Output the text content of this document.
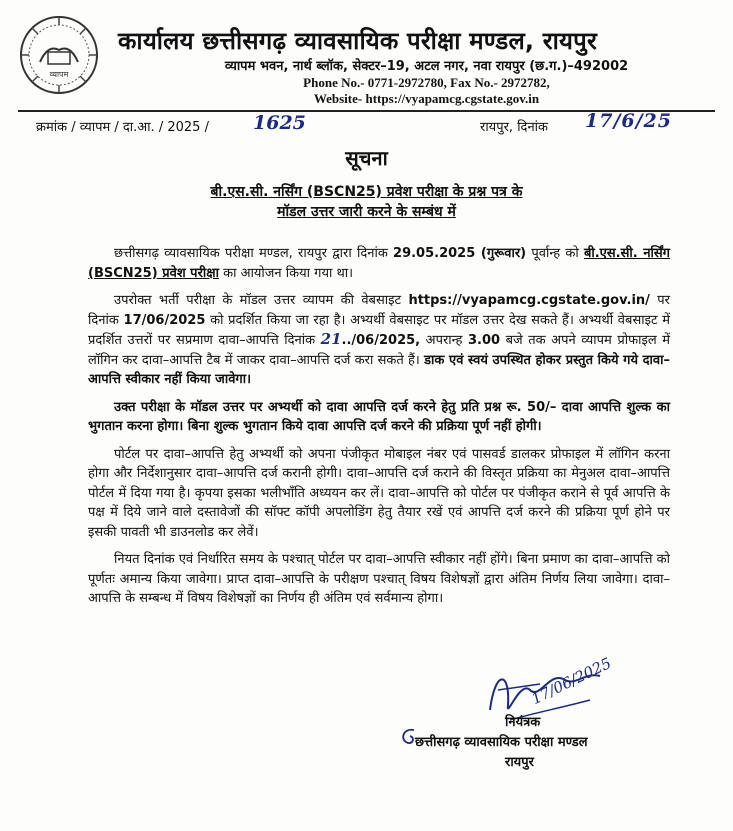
व्यापम
कार्यालय छत्तीसगढ़ व्यावसायिक परीक्षा मण्डल, रायपुर
व्यापम भवन, नार्थ ब्लॉक, सेक्टर–19, अटल नगर, नवा रायपुर (छ.ग.)–492002
Phone No.- 0771-2972780, Fax No.- 2972782,
Website- https://vyapamcg.cgstate.gov.in
क्रमांक / व्यापम / दा.आ. / 2025 / 1625	रायपुर, दिनांक 17/6/25
सूचना
बी.एस.सी. नर्सिंग (BSCN25) प्रवेश परीक्षा के प्रश्न पत्र के
मॉडल उत्तर जारी करने के सम्बंध में

छत्तीसगढ़ व्यावसायिक परीक्षा मण्डल, रायपुर द्वारा दिनांक 29.05.2025 (गुरूवार) पूर्वान्ह को बी.एस.सी. नर्सिंग (BSCN25) प्रवेश परीक्षा का आयोजन किया गया था।

उपरोक्त भर्ती परीक्षा के मॉडल उत्तर व्यापम की वेबसाइट https://vyapamcg.cgstate.gov.in/ पर दिनांक 17/06/2025 को प्रदर्शित किया जा रहा है। अभ्यर्थी वेबसाइट पर मॉडल उत्तर देख सकते हैं। अभ्यर्थी वेबसाइट में प्रदर्शित उत्तरों पर सप्रमाण दावा–आपत्ति दिनांक 21../06/2025, अपरान्ह 3.00 बजे तक अपने व्यापम प्रोफाइल में लॉगिन कर दावा–आपत्ति टैब में जाकर दावा–आपत्ति दर्ज करा सकते हैं। डाक एवं स्वयं उपस्थित होकर प्रस्तुत किये गये दावा–आपत्ति स्वीकार नहीं किया जावेगा।

उक्त परीक्षा के मॉडल उत्तर पर अभ्यर्थी को दावा आपत्ति दर्ज करने हेतु प्रति प्रश्न रू. 50/– दावा आपत्ति शुल्क का भुगतान करना होगा। बिना शुल्क भुगतान किये दावा आपत्ति दर्ज करने की प्रक्रिया पूर्ण नहीं होगी।

पोर्टल पर दावा–आपत्ति हेतु अभ्यर्थी को अपना पंजीकृत मोबाइल नंबर एवं पासवर्ड डालकर प्रोफाइल में लॉगिन करना होगा और निर्देशानुसार दावा–आपत्ति दर्ज करानी होगी। दावा–आपत्ति दर्ज कराने की विस्तृत प्रक्रिया का मेनुअल दावा–आपत्ति पोर्टल में दिया गया है। कृपया इसका भलीभाँति अध्ययन कर लें। दावा–आपत्ति को पोर्टल पर पंजीकृत कराने से पूर्व आपत्ति के पक्ष में दिये जाने वाले दस्तावेजों की सॉफ्ट कॉपी अपलोडिंग हेतु तैयार रखें एवं आपत्ति दर्ज करने की प्रक्रिया पूर्ण होने पर इसकी पावती भी डाउनलोड कर लेवें।

नियत दिनांक एवं निर्धारित समय के पश्चात् पोर्टल पर दावा–आपत्ति स्वीकार नहीं होंगे। बिना प्रमाण का दावा–आपत्ति को पूर्णतः अमान्य किया जावेगा। प्राप्त दावा–आपत्ति के परीक्षण पश्चात् विषय विशेषज्ञों द्वारा अंतिम निर्णय लिया जावेगा। दावा–आपत्ति के सम्बन्ध में विषय विशेषज्ञों का निर्णय ही अंतिम एवं सर्वमान्य होगा।

17/06/2025
नियंत्रक
छत्तीसगढ़ व्यावसायिक परीक्षा मण्डल
रायपुर
